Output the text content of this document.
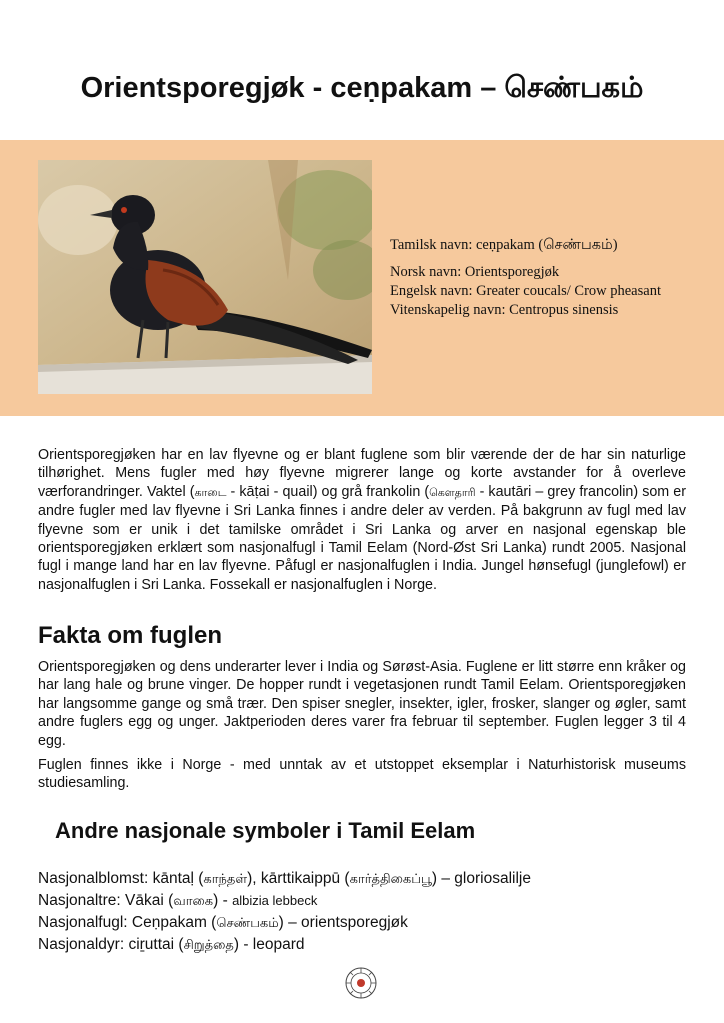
Orientsporegjøk - ceṇpakam – செண்பகம்

Tamilsk navn: ceṇpakam (செண்பகம்)

Norsk navn: Orientsporegjøk

Engelsk navn: Greater coucals/ Crow pheasant

Vitenskapelig navn: Centropus sinensis

Orientsporegjøken har en lav flyevne og er blant fuglene som blir værende der de har sin naturlige tilhørighet. Mens fugler med høy flyevne migrerer lange og korte avstander for å overleve værforandringer. Vaktel (காடை - kāṭai - quail) og grå frankolin (கௌதாரி - kautāri – grey francolin) som er andre fugler med lav flyevne i Sri Lanka finnes i andre deler av verden. På bakgrunn av fugl med lav flyevne som er unik i det tamilske området i Sri Lanka og arver en nasjonal egenskap ble orientsporegjøken erklært som nasjonalfugl i Tamil Eelam (Nord-Øst Sri Lanka) rundt 2005. Nasjonal fugl i mange land har en lav flyevne. Påfugl er nasjonalfuglen i India. Jungel hønsefugl (junglefowl) er nasjonalfuglen i Sri Lanka. Fossekall er nasjonalfuglen i Norge.

Fakta om fuglen

Orientsporegjøken og dens underarter lever i India og Sørøst-Asia. Fuglene er litt større enn kråker og har lang hale og brune vinger. De hopper rundt i vegetasjonen rundt Tamil Eelam. Orientsporegjøken har langsomme gange og små trær. Den spiser snegler, insekter, igler, frosker, slanger og øgler, samt andre fuglers egg og unger. Jaktperioden deres varer fra februar til september. Fuglen legger 3 til 4 egg.

Fuglen finnes ikke i Norge - med unntak av et utstoppet eksemplar i Naturhistorisk museums studiesamling.

Andre nasjonale symboler i Tamil Eelam

Nasjonalblomst: kāntaḷ (காந்தள்), kārttikaippū (கார்த்திகைப்பூ) – gloriosalilje

Nasjonaltre: Vākai (வாகை) - albizia lebbeck

Nasjonalfugl: Ceṇpakam (செண்பகம்) – orientsporegjøk

Nasjonaldyr: ciṟuttai (சிறுத்தை) - leopard
